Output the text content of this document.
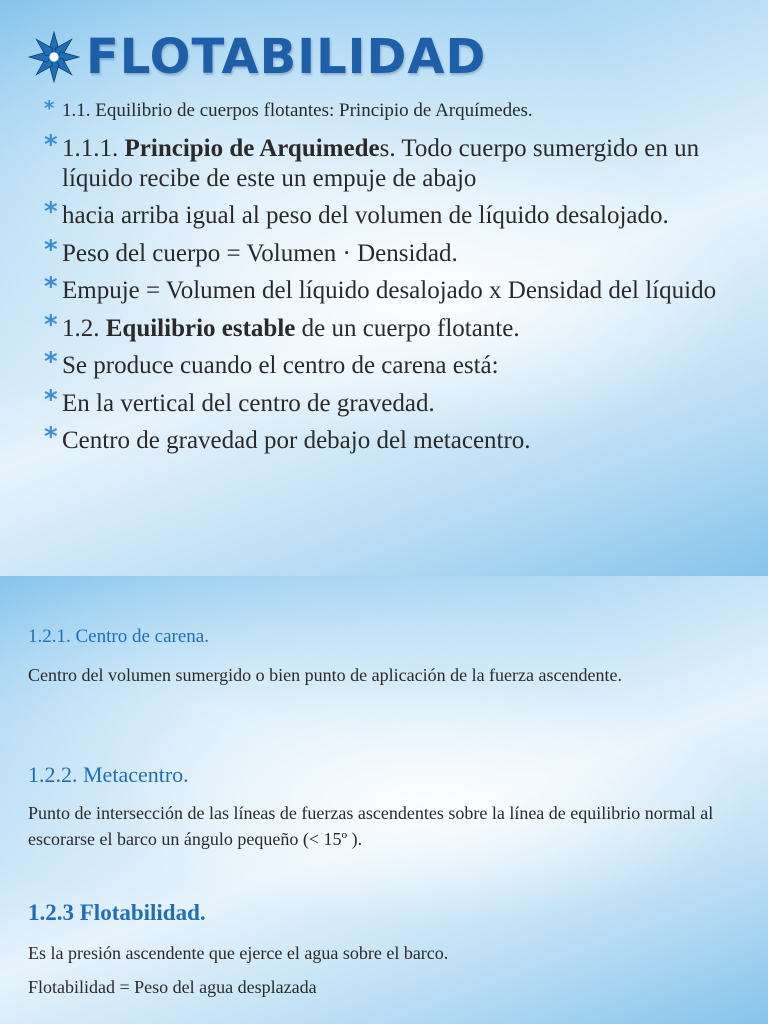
FLOTABILIDAD
* 1.1. Equilibrio de cuerpos flotantes: Principio de Arquímedes.
* 1.1.1. Principio de Arquimedes. Todo cuerpo sumergido en un líquido recibe de este un empuje de abajo
* hacia arriba igual al peso del volumen de líquido desalojado.
* Peso del cuerpo = Volumen · Densidad.
* Empuje = Volumen del líquido desalojado x Densidad del líquido
* 1.2. Equilibrio estable de un cuerpo flotante.
* Se produce cuando el centro de carena está:
* En la vertical del centro de gravedad.
* Centro de gravedad por debajo del metacentro.
1.2.1. Centro de carena.
Centro del volumen sumergido o bien punto de aplicación de la fuerza ascendente.
1.2.2. Metacentro.
Punto de intersección de las líneas de fuerzas ascendentes sobre la línea de equilibrio normal al escorarse el barco un ángulo pequeño (< 15º ).
1.2.3 Flotabilidad.
Es la presión ascendente que ejerce el agua sobre el barco.
Flotabilidad = Peso del agua desplazada
